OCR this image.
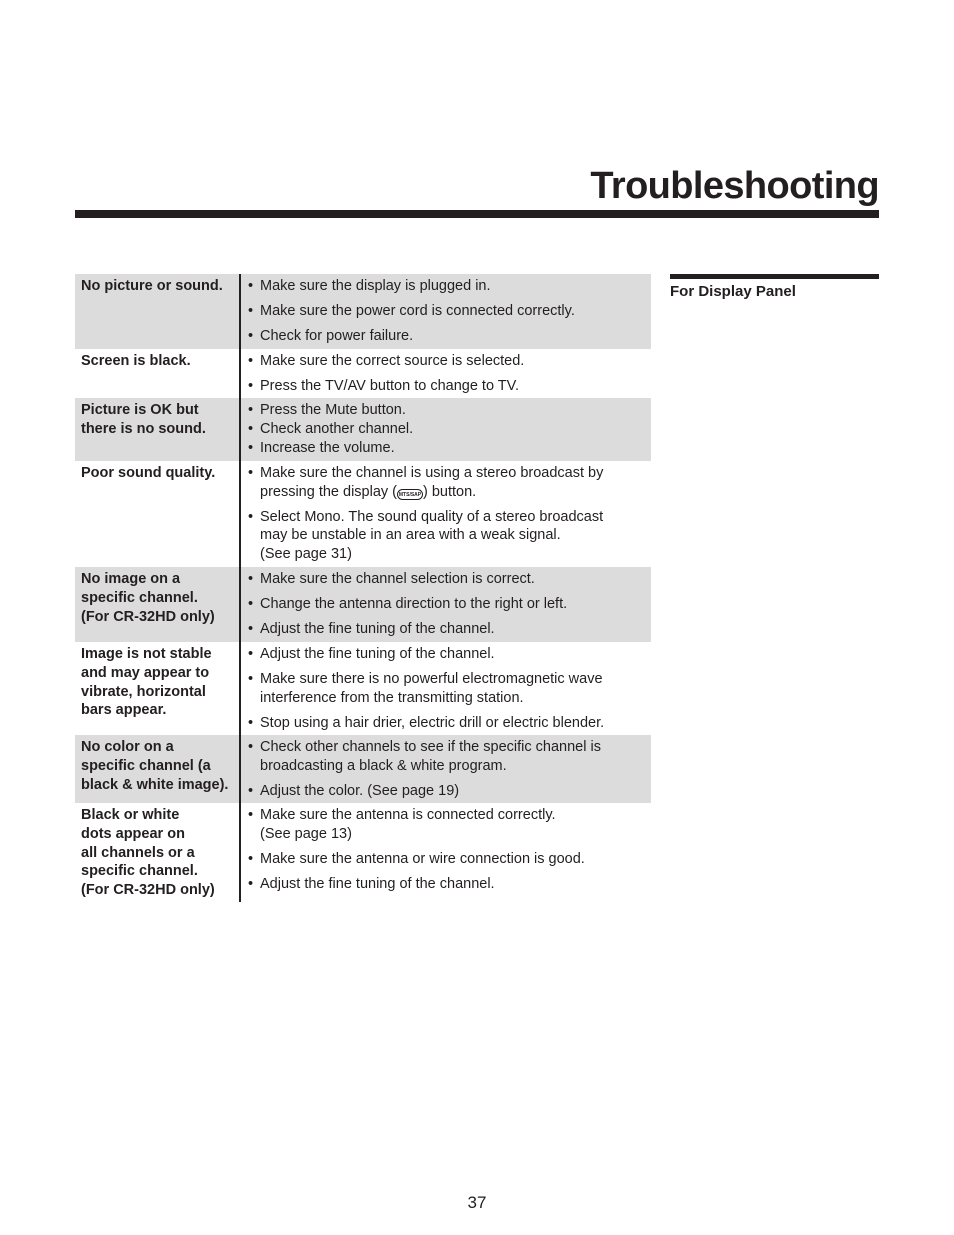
Troubleshooting
For Display Panel
No picture or sound.	• Make sure the display is plugged in.
• Make sure the power cord is connected correctly.
• Check for power failure.
Screen is black.	• Make sure the correct source is selected.
• Press the TV/AV button to change to TV.
Picture is OK but
there is no sound.
• Press the Mute button.
• Check another channel.
• Increase the volume.
Poor sound quality.	• Make sure the channel is using a stereo broadcast by
pressing the display ( MTS/SAP ) button.
• Select Mono. The sound quality of a stereo broadcast
may be unstable in an area with a weak signal.
(See page 31)
No image on a
specific channel.
(For CR-32HD only)
• Make sure the channel selection is correct.
• Change the antenna direction to the right or left.
• Adjust the fine tuning of the channel.
Image is not stable
and may appear to
vibrate, horizontal
bars appear.
• Adjust the fine tuning of the channel.
• Make sure there is no powerful electromagnetic wave
interference from the transmitting station.
• Stop using a hair drier, electric drill or electric blender.
No color on a
specific channel (a
black & white image).
• Check other channels to see if the specific channel is
broadcasting a black & white program.
• Adjust the color. (See page 19)
Black or white
dots appear on
all channels or a
specific channel.
(For CR-32HD only)
• Make sure the antenna is connected correctly.
(See page 13)
• Make sure the antenna or wire connection is good.
• Adjust the fine tuning of the channel.
37
